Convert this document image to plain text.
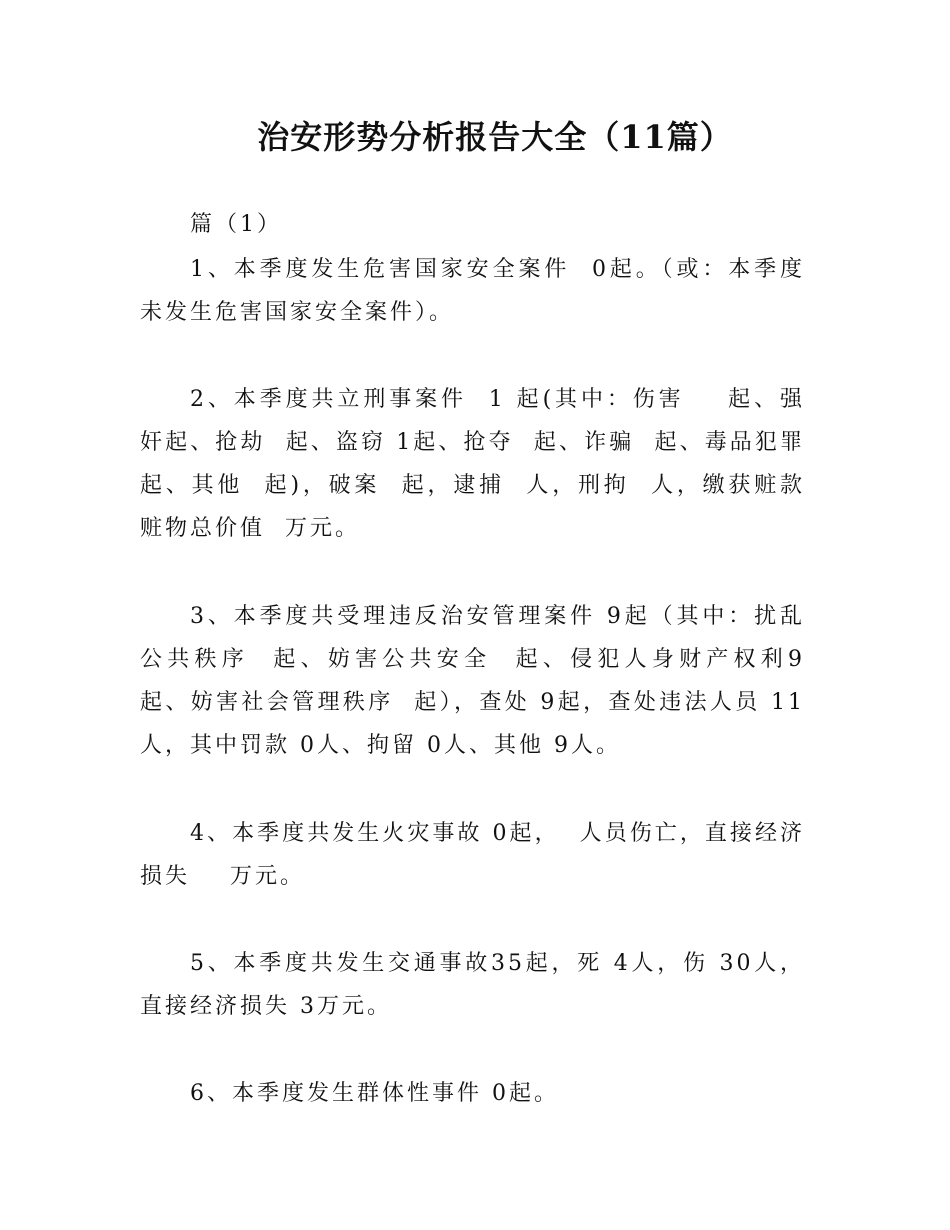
治安形势分析报告大全（11篇）

篇（1）

1、本季度发生危害国家安全案件  0起。（或：本季度未发生危害国家安全案件）。

2、本季度共立刑事案件  1 起(其中：伤害    起、强奸起、抢劫  起、盗窃 1起、抢夺  起、诈骗  起、毒品犯罪起、其他  起)，破案  起，逮捕  人，刑拘  人，缴获赃款赃物总价值  万元。

3、本季度共受理违反治安管理案件 9起（其中：扰乱公共秩序  起、妨害公共安全  起、侵犯人身财产权利9 起、妨害社会管理秩序  起），查处 9起，查处违法人员 11人，其中罚款 0人、拘留 0人、其他 9人。

4、本季度共发生火灾事故 0起，  人员伤亡，直接经济损失    万元。

5、本季度共发生交通事故35起，死 4人，伤 30人，直接经济损失 3万元。

6、本季度发生群体性事件 0起。
